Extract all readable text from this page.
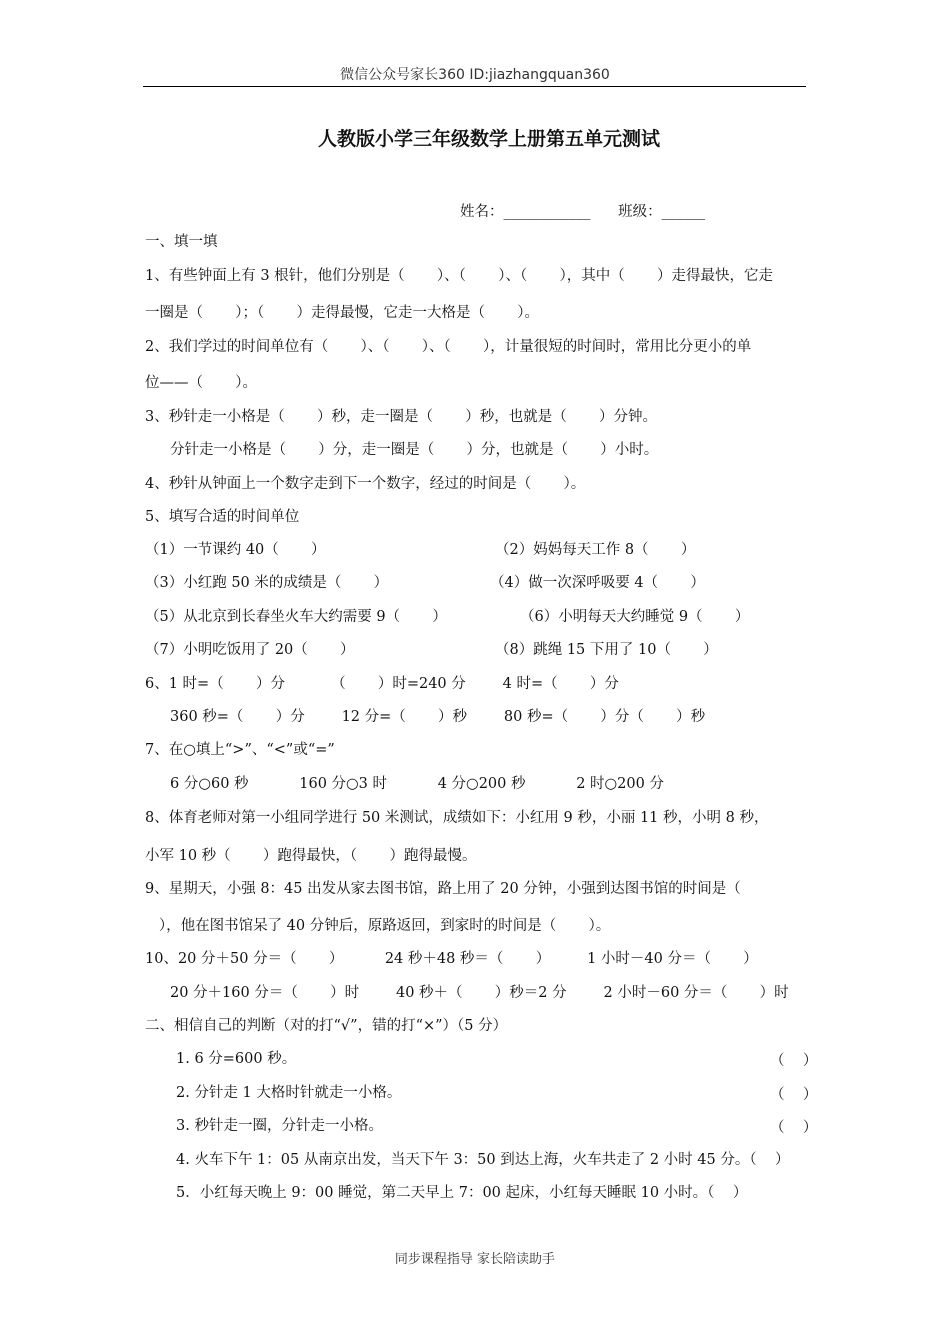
微信公众号家长360 ID:jiazhangquan360
人教版小学三年级数学上册第五单元测试
姓名：____________ 班级：______
一、填一填
1、有些钟面上有 3 根针，他们分别是（       ）、（       ）、（       ），其中（       ）走得最快，它走
一圈是（       ）；（       ）走得最慢，它走一大格是（       ）。
2、我们学过的时间单位有（       ）、（       ）、（       ），计量很短的时间时，常用比分更小的单
位——（       ）。
3、秒针走一小格是（       ）秒，走一圈是（       ）秒，也就是（       ）分钟。
分针走一小格是（       ）分，走一圈是（       ）分，也就是（       ）小时。
4、秒针从钟面上一个数字走到下一个数字，经过的时间是（       ）。
5、填写合适的时间单位
（1）一节课约 40（       ）	（2）妈妈每天工作 8（       ）
（3）小红跑 50 米的成绩是（       ）	（4）做一次深呼吸要 4（       ）
（5）从北京到长春坐火车大约需要 9（       ）	（6）小明每天大约睡觉 9（       ）
（7）小明吃饭用了 20（       ）	（8）跳绳 15 下用了 10（       ）
6、1 时=（       ）分          （       ）时=240 分        4 时=（       ）分
360 秒=（       ）分        12 分=（       ）秒        80 秒=（       ）分（       ）秒
7、在○填上“>”、“<”或“=”
6 分○60 秒           160 分○3 时           4 分○200 秒           2 时○200 分
8、体育老师对第一小组同学进行 50 米测试，成绩如下：小红用 9 秒，小丽 11 秒，小明 8 秒，
小军 10 秒（       ）跑得最快，（       ）跑得最慢。
9、星期天，小强 8：45 出发从家去图书馆，路上用了 20 分钟，小强到达图书馆的时间是（
），他在图书馆呆了 40 分钟后，原路返回，到家时的时间是（       ）。
10、20 分＋50 分＝（       ）         24 秒＋48 秒＝（       ）        1 小时－40 分＝（       ）
20 分＋160 分＝（       ）时        40 秒＋（       ）秒＝2 分        2 小时－60 分＝（       ）时
二、相信自己的判断（对的打“√”，错的打“×”）（5 分）
1. 6 分=600 秒。	（    ）
2. 分针走 1 大格时针就走一小格。	（    ）
3. 秒针走一圈，分针走一小格。	（    ）
4. 火车下午 1：05 从南京出发，当天下午 3：50 到达上海，火车共走了 2 小时 45 分。（    ）
5．小红每天晚上 9：00 睡觉，第二天早上 7：00 起床，小红每天睡眠 10 小时。（    ）
同步课程指导 家长陪读助手
